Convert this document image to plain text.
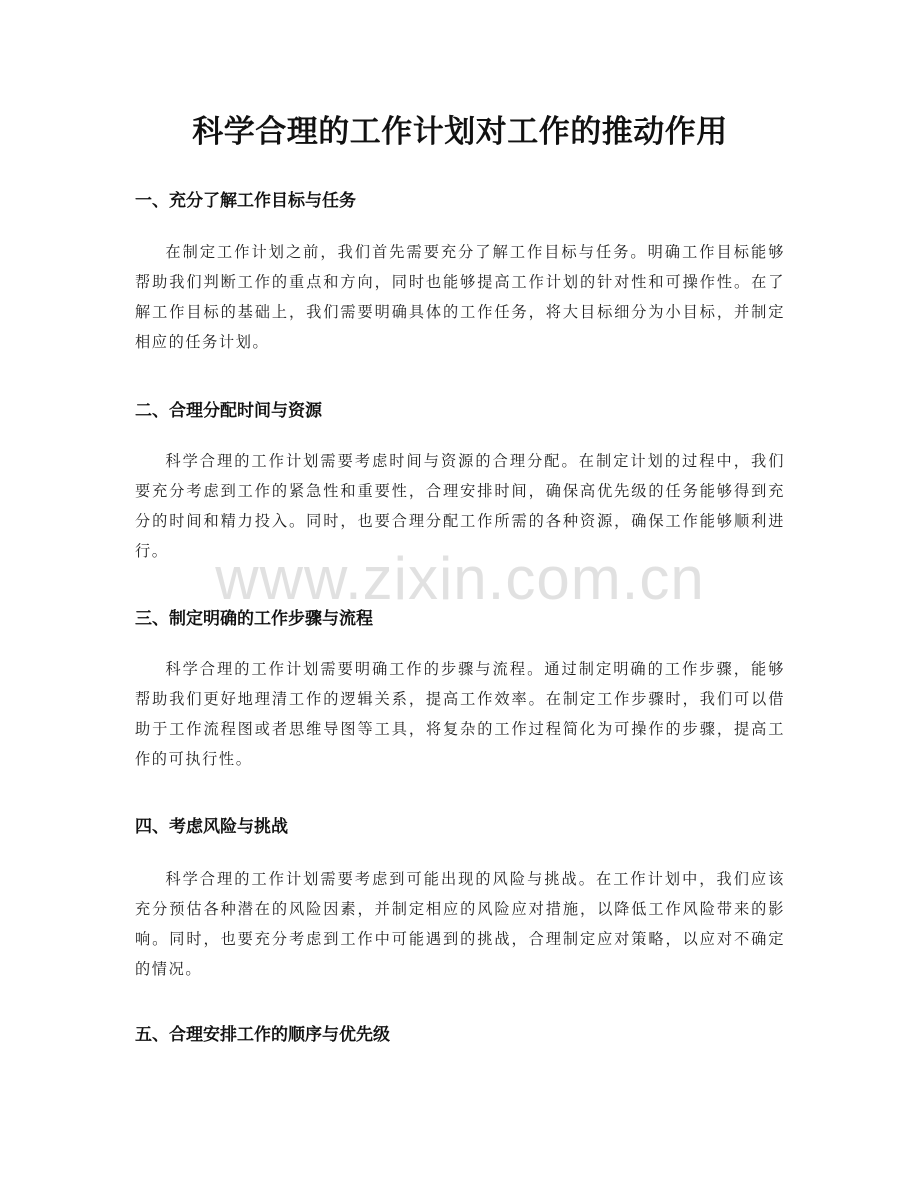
科学合理的工作计划对工作的推动作用
一、充分了解工作目标与任务
在制定工作计划之前，我们首先需要充分了解工作目标与任务。明确工作目标能够帮助我们判断工作的重点和方向，同时也能够提高工作计划的针对性和可操作性。在了解工作目标的基础上，我们需要明确具体的工作任务，将大目标细分为小目标，并制定相应的任务计划。
二、合理分配时间与资源
科学合理的工作计划需要考虑时间与资源的合理分配。在制定计划的过程中，我们要充分考虑到工作的紧急性和重要性，合理安排时间，确保高优先级的任务能够得到充分的时间和精力投入。同时，也要合理分配工作所需的各种资源，确保工作能够顺利进行。
三、制定明确的工作步骤与流程
科学合理的工作计划需要明确工作的步骤与流程。通过制定明确的工作步骤，能够帮助我们更好地理清工作的逻辑关系，提高工作效率。在制定工作步骤时，我们可以借助于工作流程图或者思维导图等工具，将复杂的工作过程简化为可操作的步骤，提高工作的可执行性。
四、考虑风险与挑战
科学合理的工作计划需要考虑到可能出现的风险与挑战。在工作计划中，我们应该充分预估各种潜在的风险因素，并制定相应的风险应对措施，以降低工作风险带来的影响。同时，也要充分考虑到工作中可能遇到的挑战，合理制定应对策略，以应对不确定的情况。
五、合理安排工作的顺序与优先级
www.zixin.com.cn
